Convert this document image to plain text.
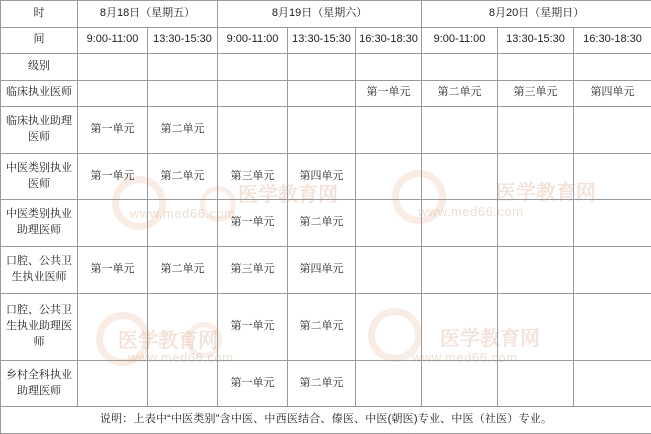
医学教育网
www.med66.com
医学教育网
www.med66.com
医学教育网
www.med66.com
医学教育网
www.med66.com
时	8月18日（星期五）		8月19日（星期六）			8月20日（星期日）		
间	9:00-11:00	13:30-15:30	9:00-11:00	13:30-15:30	16:30-18:30	9:00-11:00	13:30-15:30	16:30-18:30

级别								
临床执业医师					第一单元	第二单元	第三单元	第四单元
临床执业助理医师	第一单元	第二单元						
中医类别执业医师	第一单元	第二单元	第三单元	第四单元				
中医类别执业助理医师			第一单元	第二单元				
口腔、公共卫生执业医师	第一单元	第二单元	第三单元	第四单元				
口腔、公共卫生执业助理医师			第一单元	第二单元				
乡村全科执业助理医师			第一单元	第二单元				
说明：上表中“中医类别”含中医、中西医结合、傣医、中医(朝医)专业、中医（社医）专业。								
